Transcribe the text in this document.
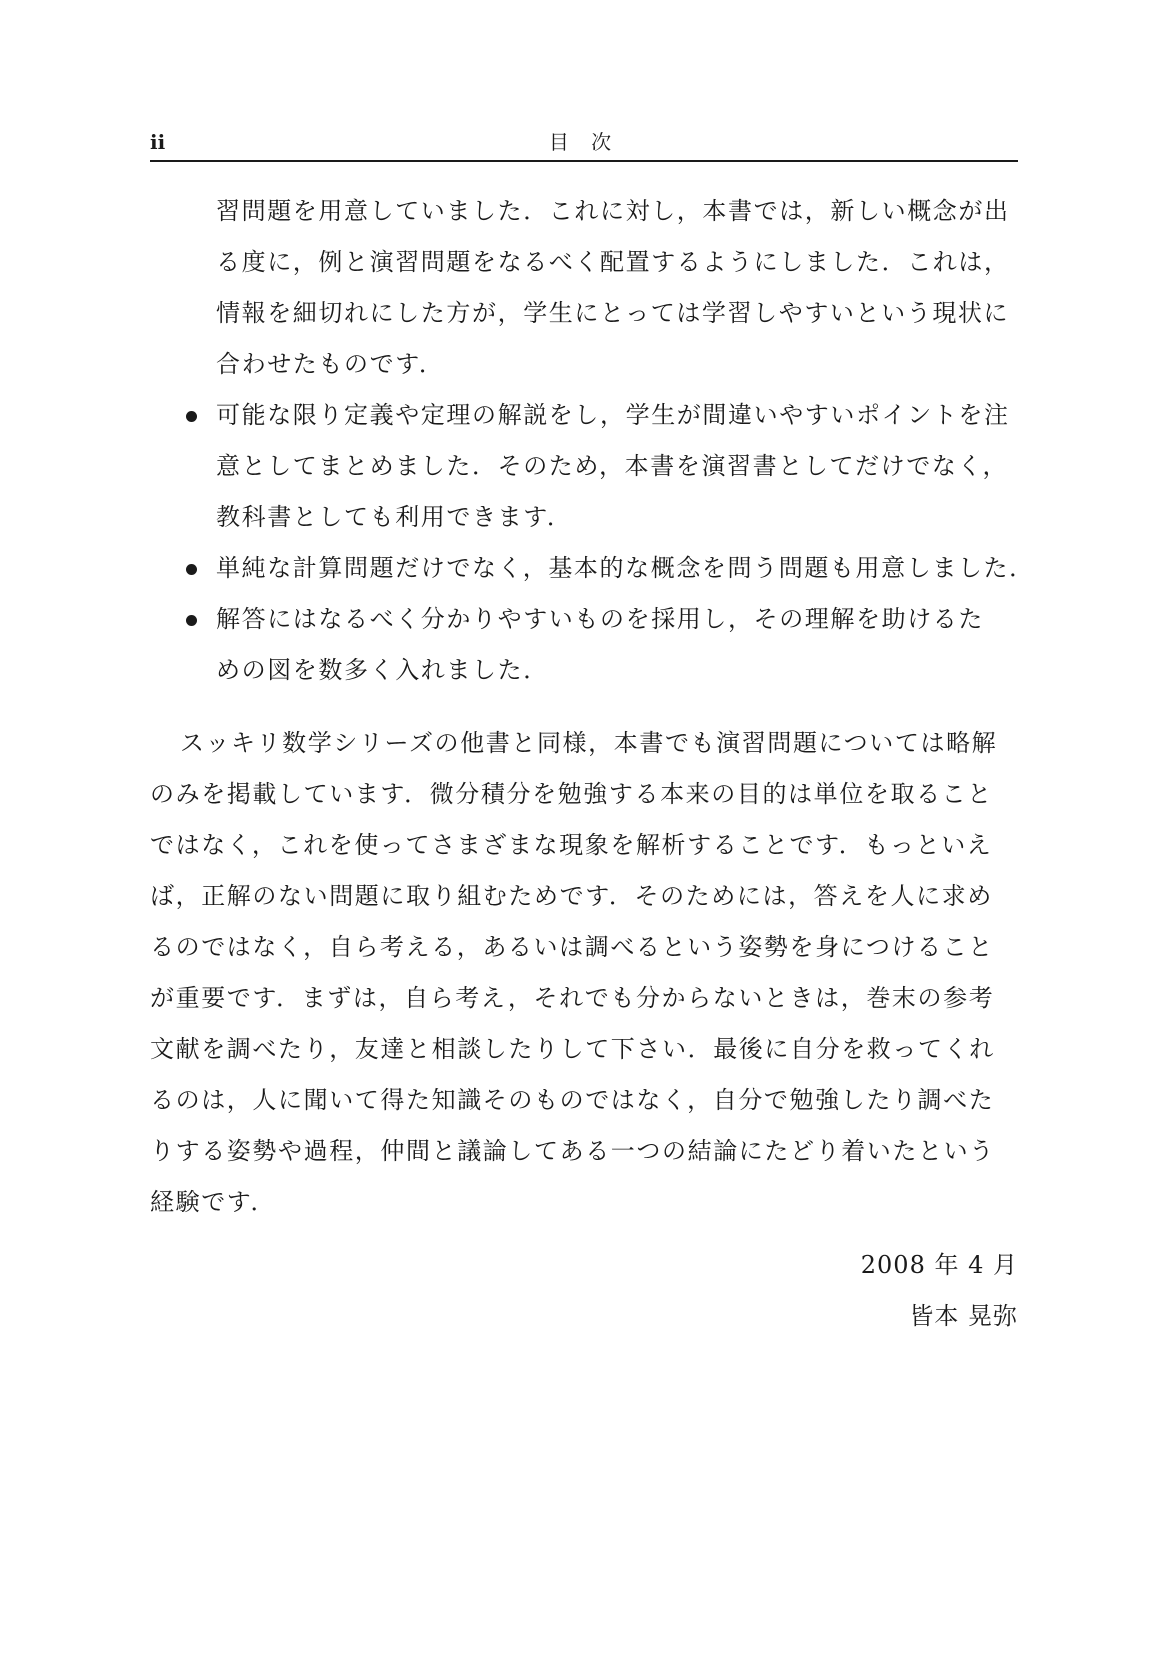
ii	目 次
習問題を用意していました．これに対し，本書では，新しい概念が出
る度に，例と演習問題をなるべく配置するようにしました．これは，
情報を細切れにした方が，学生にとっては学習しやすいという現状に
合わせたものです．
可能な限り定義や定理の解説をし，学生が間違いやすいポイントを注
意としてまとめました．そのため，本書を演習書としてだけでなく，
教科書としても利用できます．
単純な計算問題だけでなく，基本的な概念を問う問題も用意しました．
解答にはなるべく分かりやすいものを採用し，その理解を助けるた
めの図を数多く入れました．
スッキリ数学シリーズの他書と同様，本書でも演習問題については略解
のみを掲載しています．微分積分を勉強する本来の目的は単位を取ること
ではなく，これを使ってさまざまな現象を解析することです．もっといえ
ば，正解のない問題に取り組むためです．そのためには，答えを人に求め
るのではなく，自ら考える，あるいは調べるという姿勢を身につけること
が重要です．まずは，自ら考え，それでも分からないときは，巻末の参考
文献を調べたり，友達と相談したりして下さい．最後に自分を救ってくれ
るのは，人に聞いて得た知識そのものではなく，自分で勉強したり調べた
りする姿勢や過程，仲間と議論してある一つの結論にたどり着いたという
経験です．
2008 年 4 月
皆本 晃弥
